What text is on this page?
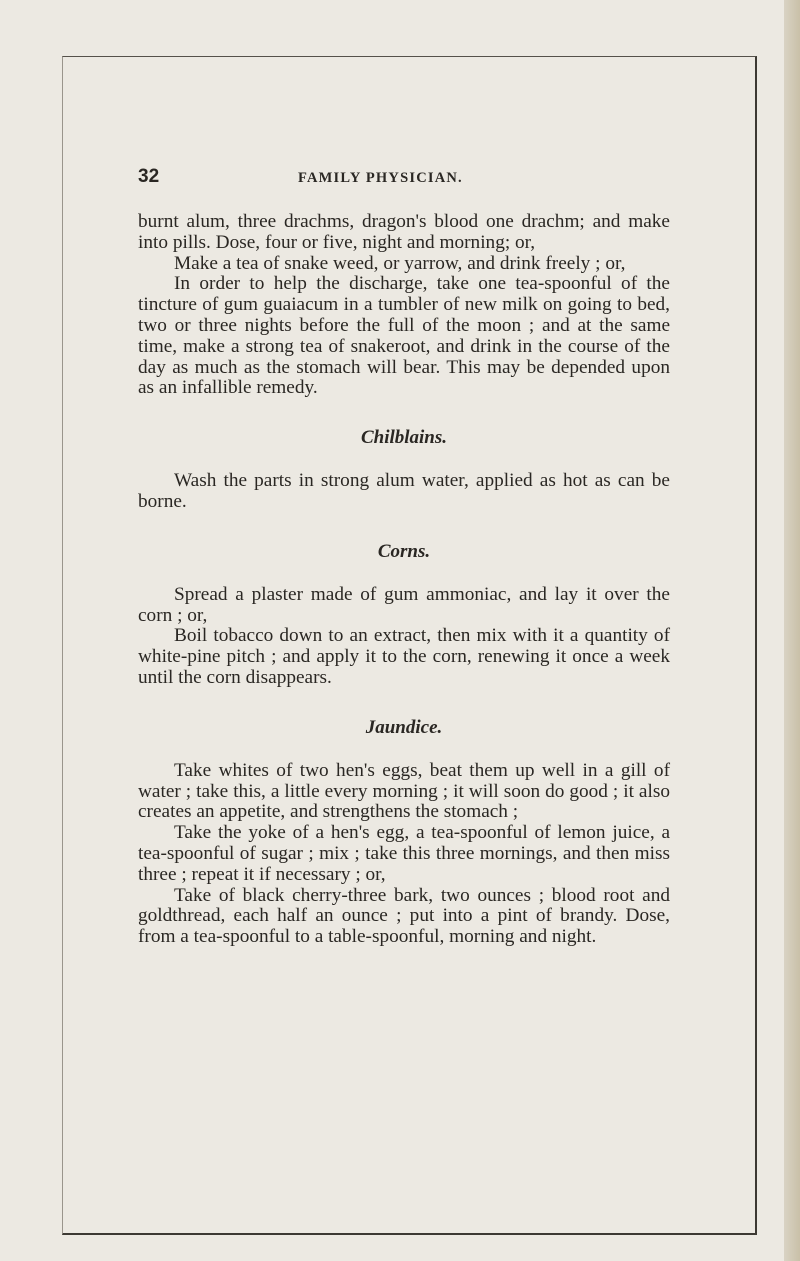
32	FAMILY PHYSICIAN.

burnt alum, three drachms, dragon's blood one drachm; and make into pills. Dose, four or five, night and morning; or,

Make a tea of snake weed, or yarrow, and drink freely ; or,

In order to help the discharge, take one tea-spoonful of the tincture of gum guaiacum in a tumbler of new milk on going to bed, two or three nights before the full of the moon ; and at the same time, make a strong tea of snakeroot, and drink in the course of the day as much as the stomach will bear. This may be depended upon as an infallible remedy.

Chilblains.

Wash the parts in strong alum water, applied as hot as can be borne.

Corns.

Spread a plaster made of gum ammoniac, and lay it over the corn ; or,

Boil tobacco down to an extract, then mix with it a quantity of white-pine pitch ; and apply it to the corn, renewing it once a week until the corn disappears.

Jaundice.

Take whites of two hen's eggs, beat them up well in a gill of water ; take this, a little every morning ; it will soon do good ; it also creates an appetite, and strengthens the stomach ;

Take the yoke of a hen's egg, a tea-spoonful of lemon juice, a tea-spoonful of sugar ; mix ; take this three mornings, and then miss three ; repeat it if necessary ; or,

Take of black cherry-three bark, two ounces ; blood root and goldthread, each half an ounce ; put into a pint of brandy. Dose, from a tea-spoonful to a table-spoonful, morning and night.
